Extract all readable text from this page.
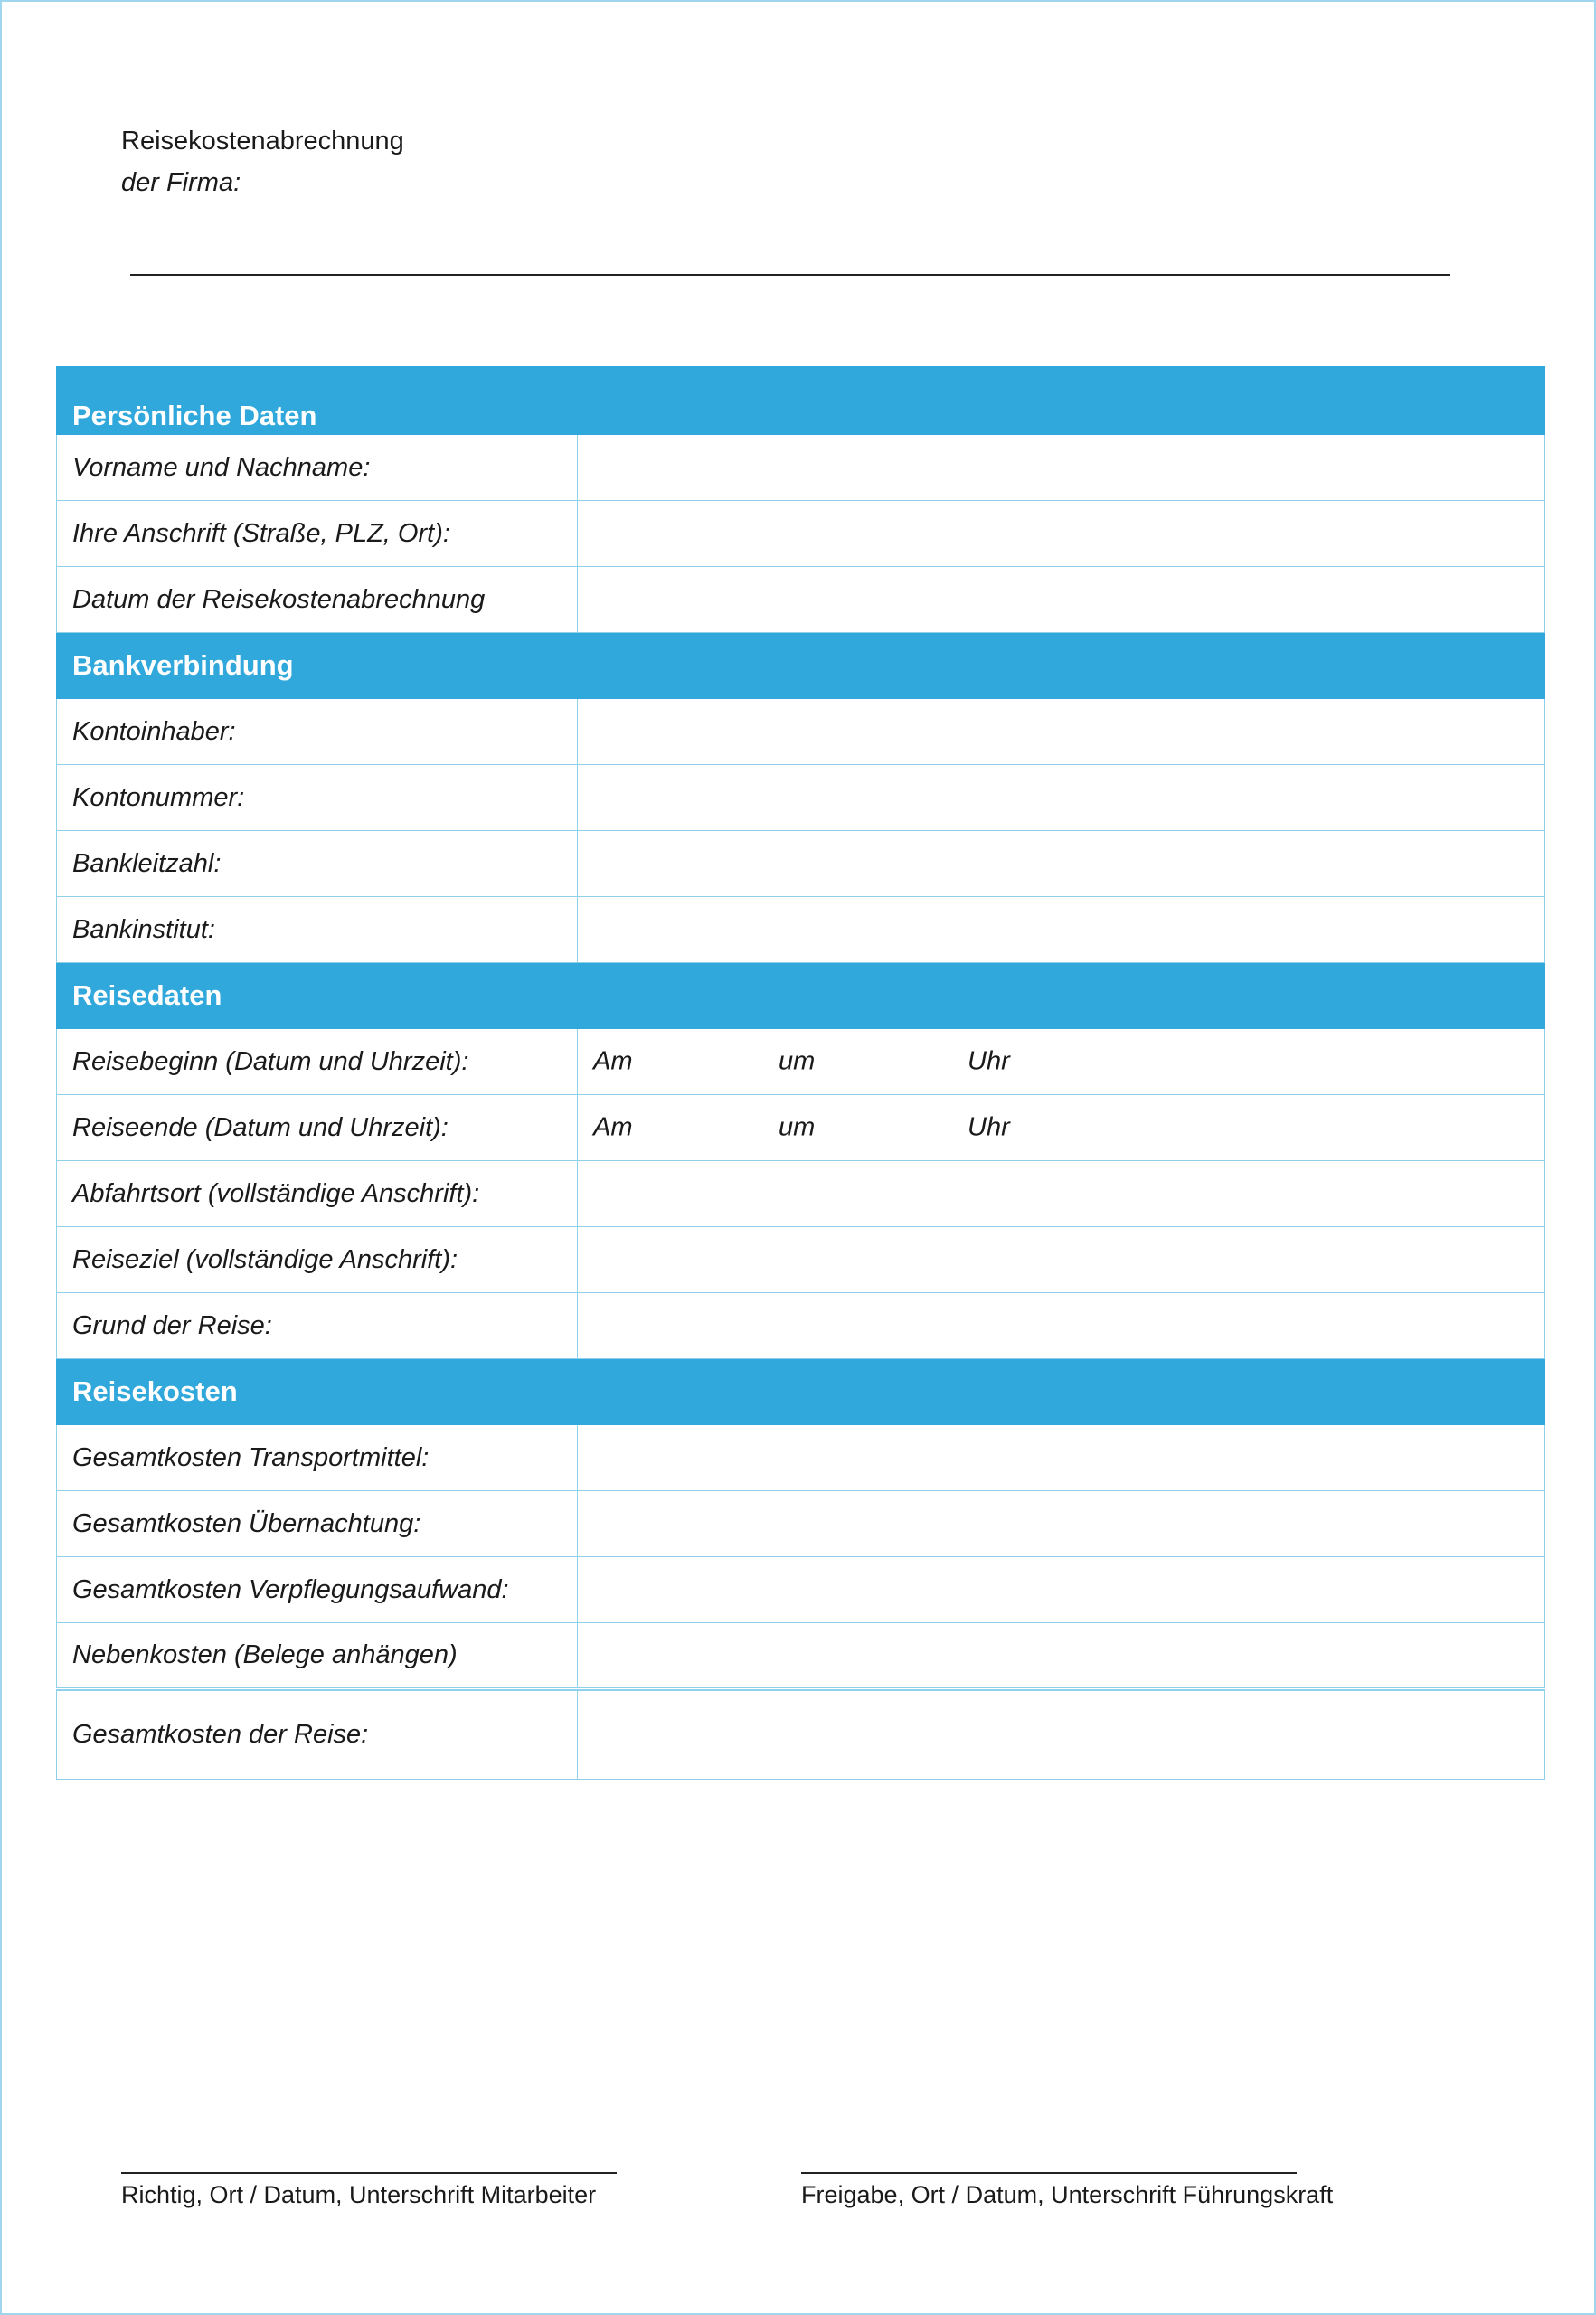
Reisekostenabrechnung
der Firma:
Persönliche Daten	
Vorname und Nachname:	
Ihre Anschrift (Straße, PLZ, Ort):	
Datum der Reisekostenabrechnung	
Bankverbindung	
Kontoinhaber:	
Kontonummer:	
Bankleitzahl:	
Bankinstitut:	
Reisedaten	
Reisebeginn (Datum und Uhrzeit):	Am um Uhr

Reiseende (Datum und Uhrzeit):	Am um Uhr

Abfahrtsort (vollständige Anschrift):	
Reiseziel (vollständige Anschrift):	
Grund der Reise:	
Reisekosten	
Gesamtkosten Transportmittel:	
Gesamtkosten Übernachtung:	
Gesamtkosten Verpflegungsaufwand:	
Nebenkosten (Belege anhängen)	
Gesamtkosten der Reise:	
Richtig, Ort / Datum, Unterschrift Mitarbeiter	Freigabe, Ort / Datum, Unterschrift Führungskraft
